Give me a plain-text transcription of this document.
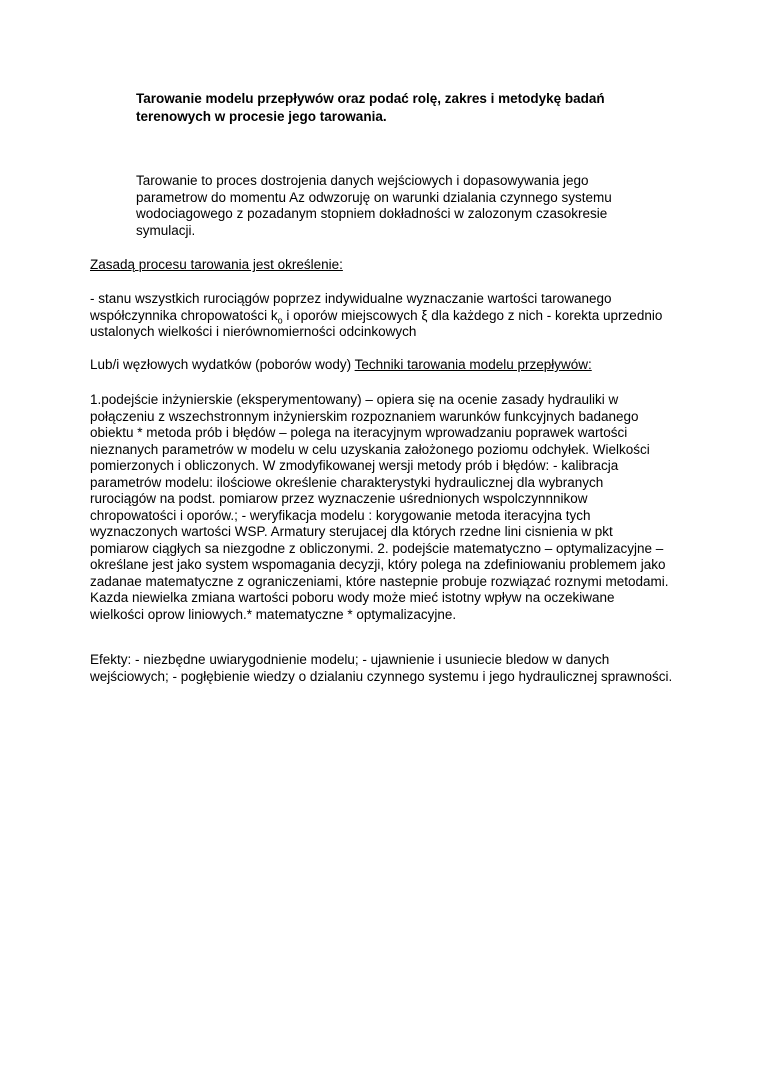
Tarowanie modelu przepływów oraz podać rolę, zakres i metodykę badań terenowych w procesie jego tarowania.

Tarowanie to proces dostrojenia danych wejściowych i dopasowywania jego parametrow do momentu Az odwzoruję on warunki dzialania czynnego systemu wodociagowego z pozadanym stopniem dokładności w zalozonym czasokresie symulacji.

Zasadą procesu tarowania jest określenie:

- stanu wszystkich rurociągów poprzez indywidualne wyznaczanie wartości tarowanego współczynnika chropowatości $k_o$ i oporów miejscowych ξ dla każdego z nich - korekta uprzednio ustalonych wielkości i nierównomierności odcinkowych

Lub/i węzłowych wydatków (poborów wody) Techniki tarowania modelu przepływów:

1.podejście inżynierskie (eksperymentowany) – opiera się na ocenie zasady hydrauliki w połączeniu z wszechstronnym inżynierskim rozpoznaniem warunków funkcyjnych badanego obiektu * metoda prób i błędów – polega na iteracyjnym wprowadzaniu poprawek wartości nieznanych parametrów w modelu w celu uzyskania założonego poziomu odchyłek. Wielkości pomierzonych i obliczonych. W zmodyfikowanej wersji metody prób i błędów: - kalibracja parametrów modelu: ilościowe określenie charakterystyki hydraulicznej dla wybranych rurociągów na podst. pomiarow przez wyznaczenie uśrednionych wspolczynnnikow chropowatości i oporów.; - weryfikacja modelu : korygowanie metoda iteracyjna tych wyznaczonych wartości WSP. Armatury sterujacej dla których rzedne lini cisnienia w pkt pomiarow ciągłych sa niezgodne z obliczonymi. 2. podejście matematyczno – optymalizacyjne – określane jest jako system wspomagania decyzji, który polega na zdefiniowaniu problemem jako zadanae matematyczne z ograniczeniami, które nastepnie probuje rozwiązać roznymi metodami. Kazda niewielka zmiana wartości poboru wody może mieć istotny wpływ na oczekiwane wielkości oprow liniowych.* matematyczne * optymalizacyjne.

Efekty: - niezbędne uwiarygodnienie modelu; - ujawnienie i usuniecie bledow w danych wejściowych; - pogłębienie wiedzy o dzialaniu czynnego systemu i jego hydraulicznej sprawności.
